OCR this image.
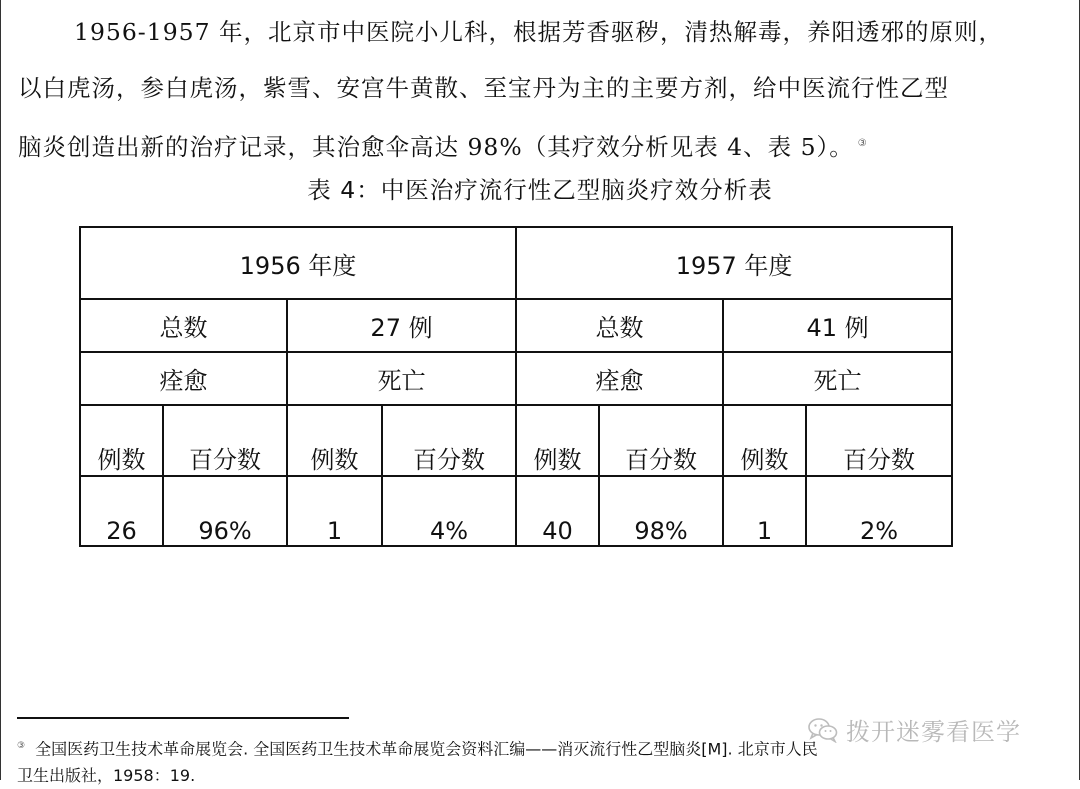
1956-1957 年，北京市中医院小儿科，根据芳香驱秽，清热解毒，养阳透邪的原则，
以白虎汤，参白虎汤，紫雪、安宫牛黄散、至宝丹为主的主要方剂，给中医流行性乙型
脑炎创造出新的治疗记录，其治愈伞高达 98%（其疗效分析见表 4、表 5）。 ③
表 4：中医治疗流行性乙型脑炎疗效分析表
1956 年度				1957 年度			
总数		27 例		总数		41 例	
痊愈		死亡		痊愈		死亡	
例数	百分数	例数	百分数	例数	百分数	例数	百分数
26	96%	1	4%	40	98%	1	2%
③ 全国医药卫生技术革命展览会. 全国医药卫生技术革命展览会资料汇编——消灭流行性乙型脑炎[M]. 北京市人民
卫生出版社，1958：19.
拨开迷雾看医学
